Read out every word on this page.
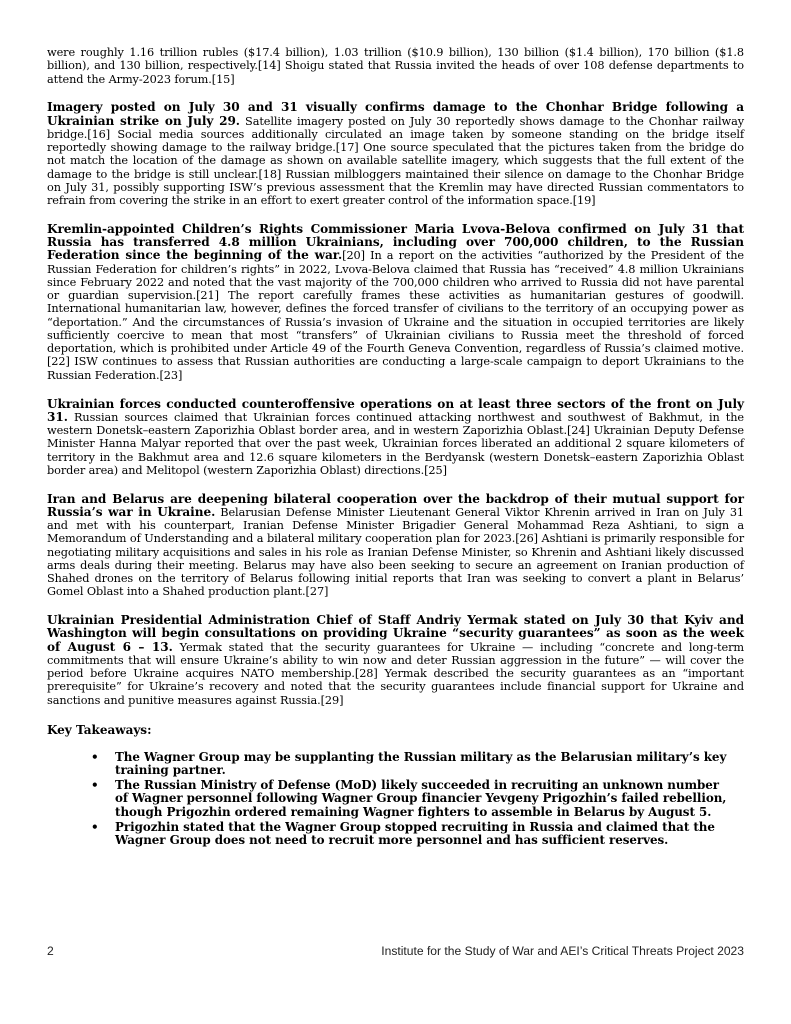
were roughly 1.16 trillion rubles ($17.4 billion), 1.03 trillion ($10.9 billion), 130 billion ($1.4 billion), 170 billion ($1.8 billion), and 130 billion, respectively.[14] Shoigu stated that Russia invited the heads of over 108 defense departments to attend the Army-2023 forum.[15]

Imagery posted on July 30 and 31 visually confirms damage to the Chonhar Bridge following a Ukrainian strike on July 29. Satellite imagery posted on July 30 reportedly shows damage to the Chonhar railway bridge.[16] Social media sources additionally circulated an image taken by someone standing on the bridge itself reportedly showing damage to the railway bridge.[17] One source speculated that the pictures taken from the bridge do not match the location of the damage as shown on available satellite imagery, which suggests that the full extent of the damage to the bridge is still unclear.[18] Russian milbloggers maintained their silence on damage to the Chonhar Bridge on July 31, possibly supporting ISW’s previous assessment that the Kremlin may have directed Russian commentators to refrain from covering the strike in an effort to exert greater control of the information space.[19]

Kremlin-appointed Children’s Rights Commissioner Maria Lvova-Belova confirmed on July 31 that Russia has transferred 4.8 million Ukrainians, including over 700,000 children, to the Russian Federation since the beginning of the war.[20] In a report on the activities “authorized by the President of the Russian Federation for children’s rights” in 2022, Lvova-Belova claimed that Russia has “received” 4.8 million Ukrainians since February 2022 and noted that the vast majority of the 700,000 children who arrived to Russia did not have parental or guardian supervision.[21] The report carefully frames these activities as humanitarian gestures of goodwill. International humanitarian law, however, defines the forced transfer of civilians to the territory of an occupying power as “deportation.” And the circumstances of Russia’s invasion of Ukraine and the situation in occupied territories are likely sufficiently coercive to mean that most “transfers” of Ukrainian civilians to Russia meet the threshold of forced deportation, which is prohibited under Article 49 of the Fourth Geneva Convention, regardless of Russia’s claimed motive.[22] ISW continues to assess that Russian authorities are conducting a large-scale campaign to deport Ukrainians to the Russian Federation.[23]

Ukrainian forces conducted counteroffensive operations on at least three sectors of the front on July 31. Russian sources claimed that Ukrainian forces continued attacking northwest and southwest of Bakhmut, in the western Donetsk–eastern Zaporizhia Oblast border area, and in western Zaporizhia Oblast.[24] Ukrainian Deputy Defense Minister Hanna Malyar reported that over the past week, Ukrainian forces liberated an additional 2 square kilometers of territory in the Bakhmut area and 12.6 square kilometers in the Berdyansk (western Donetsk–eastern Zaporizhia Oblast border area) and Melitopol (western Zaporizhia Oblast) directions.[25]

Iran and Belarus are deepening bilateral cooperation over the backdrop of their mutual support for Russia’s war in Ukraine. Belarusian Defense Minister Lieutenant General Viktor Khrenin arrived in Iran on July 31 and met with his counterpart, Iranian Defense Minister Brigadier General Mohammad Reza Ashtiani, to sign a Memorandum of Understanding and a bilateral military cooperation plan for 2023.[26] Ashtiani is primarily responsible for negotiating military acquisitions and sales in his role as Iranian Defense Minister, so Khrenin and Ashtiani likely discussed arms deals during their meeting. Belarus may have also been seeking to secure an agreement on Iranian production of Shahed drones on the territory of Belarus following initial reports that Iran was seeking to convert a plant in Belarus’ Gomel Oblast into a Shahed production plant.[27]

Ukrainian Presidential Administration Chief of Staff Andriy Yermak stated on July 30 that Kyiv and Washington will begin consultations on providing Ukraine “security guarantees” as soon as the week of August 6 – 13. Yermak stated that the security guarantees for Ukraine — including “concrete and long-term commitments that will ensure Ukraine’s ability to win now and deter Russian aggression in the future” — will cover the period before Ukraine acquires NATO membership.[28] Yermak described the security guarantees as an “important prerequisite” for Ukraine’s recovery and noted that the security guarantees include financial support for Ukraine and sanctions and punitive measures against Russia.[29]

Key Takeaways:
• The Wagner Group may be supplanting the Russian military as the Belarusian military’s key training partner.
• The Russian Ministry of Defense (MoD) likely succeeded in recruiting an unknown number of Wagner personnel following Wagner Group financier Yevgeny Prigozhin’s failed rebellion, though Prigozhin ordered remaining Wagner fighters to assemble in Belarus by August 5.
• Prigozhin stated that the Wagner Group stopped recruiting in Russia and claimed that the Wagner Group does not need to recruit more personnel and has sufficient reserves.
2	Institute for the Study of War and AEI’s Critical Threats Project 2023
